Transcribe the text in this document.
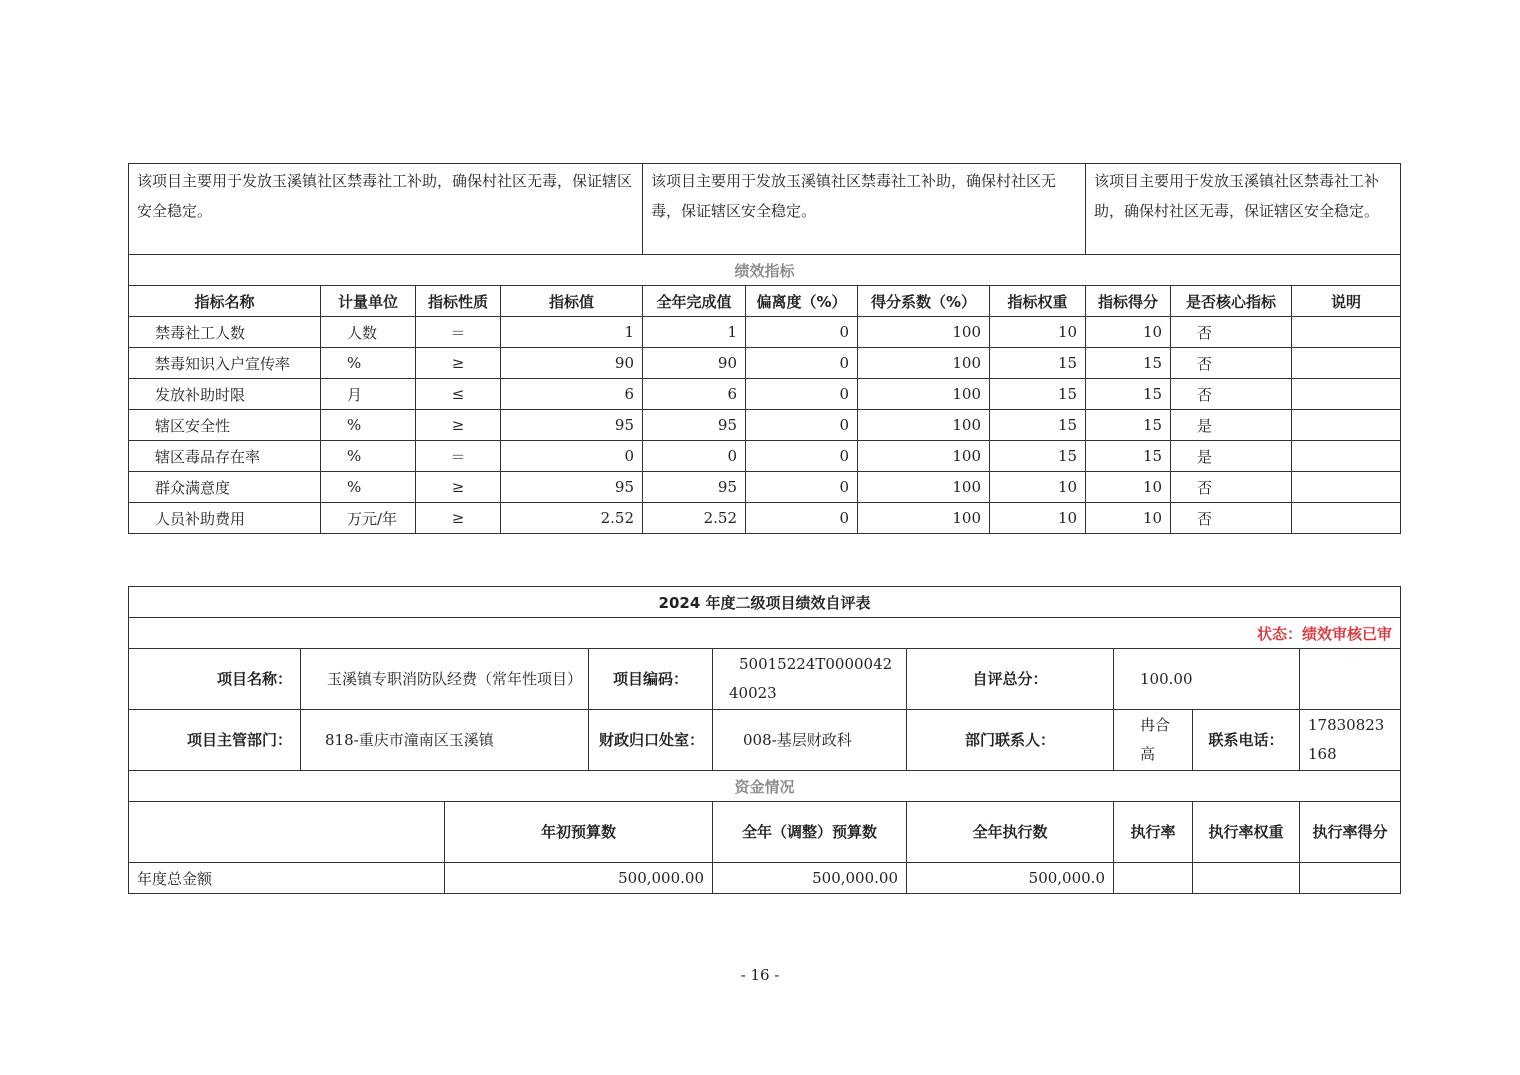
该项目主要用于发放玉溪镇社区禁毒社工补助，确保村社区无毒，保证辖区安全稳定。				该项目主要用于发放玉溪镇社区禁毒社工补助，确保村社区无毒，保证辖区安全稳定。				该项目主要用于发放玉溪镇社区禁毒社工补助，确保村社区无毒，保证辖区安全稳定。		
绩效指标										
指标名称	计量单位	指标性质	指标值	全年完成值	偏离度（%）	得分系数（%）	指标权重	指标得分	是否核心指标	说明
禁毒社工人数	人数	＝	1	1	0	100	10	10	否	
禁毒知识入户宣传率	%	≥	90	90	0	100	15	15	否	
发放补助时限	月	≤	6	6	0	100	15	15	否	
辖区安全性	%	≥	95	95	0	100	15	15	是	
辖区毒品存在率	%	＝	0	0	0	100	15	15	是	
群众满意度	%	≥	95	95	0	100	10	10	否	
人员补助费用	万元/年	≥	2.52	2.52	0	100	10	10	否	
2024 年度二级项目绩效自评表								
状态：绩效审核已审								
项目名称：	玉溪镇专职消防队经费（常年性项目）		项目编码：	50015224T000004240023	自评总分：	100.00		
项目主管部门：	818-重庆市潼南区玉溪镇		财政归口处室：	008-基层财政科	部门联系人：	冉合高	联系电话：	17830823168
资金情况								
		年初预算数		全年（调整）预算数	全年执行数	执行率	执行率权重	执行率得分
年度总金额		500,000.00		500,000.00	500,000.0			
- 16 -
